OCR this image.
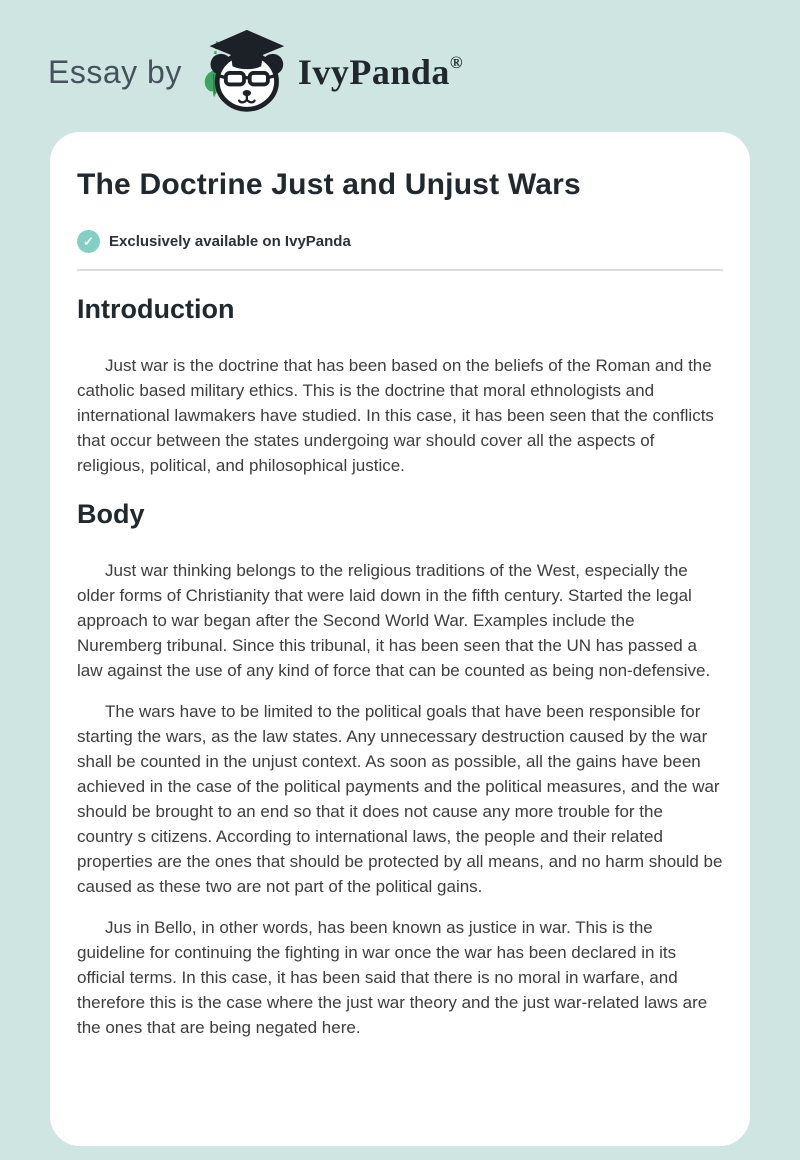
Essay by	IvyPanda®
The Doctrine Just and Unjust Wars
✓	Exclusively available on IvyPanda
Introduction

Just war is the doctrine that has been based on the beliefs of the Roman and the catholic based military ethics. This is the doctrine that moral ethnologists and international lawmakers have studied. In this case, it has been seen that the conflicts that occur between the states undergoing war should cover all the aspects of religious, political, and philosophical justice.

Body

Just war thinking belongs to the religious traditions of the West, especially the older forms of Christianity that were laid down in the fifth century. Started the legal approach to war began after the Second World War. Examples include the Nuremberg tribunal. Since this tribunal, it has been seen that the UN has passed a law against the use of any kind of force that can be counted as being non-defensive.

The wars have to be limited to the political goals that have been responsible for starting the wars, as the law states. Any unnecessary destruction caused by the war shall be counted in the unjust context. As soon as possible, all the gains have been achieved in the case of the political payments and the political measures, and the war should be brought to an end so that it does not cause any more trouble for the country s citizens. According to international laws, the people and their related properties are the ones that should be protected by all means, and no harm should be caused as these two are not part of the political gains.

Jus in Bello, in other words, has been known as justice in war. This is the guideline for continuing the fighting in war once the war has been declared in its official terms. In this case, it has been said that there is no moral in warfare, and therefore this is the case where the just war theory and the just war-related laws are the ones that are being negated here.
